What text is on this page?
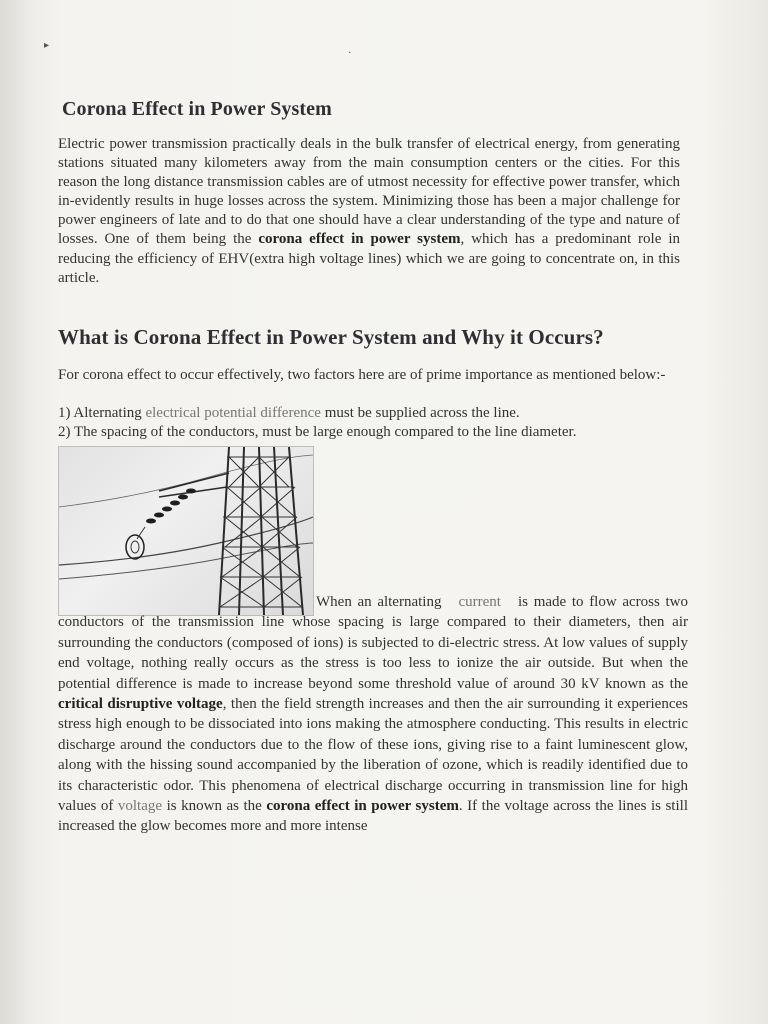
▸
·
Corona Effect in Power System

Electric power transmission practically deals in the bulk transfer of electrical energy, from generating stations situated many kilometers away from the main consumption centers or the cities. For this reason the long distance transmission cables are of utmost necessity for effective power transfer, which in-evidently results in huge losses across the system. Minimizing those has been a major challenge for power engineers of late and to do that one should have a clear understanding of the type and nature of losses. One of them being the corona effect in power system, which has a predominant role in reducing the efficiency of EHV(extra high voltage lines) which we are going to concentrate on, in this article.

What is Corona Effect in Power System and Why it Occurs?

For corona effect to occur effectively, two factors here are of prime importance as mentioned below:-

1) Alternating electrical potential difference must be supplied across the line.

2) The spacing of the conductors, must be large enough compared to the line diameter.

When an alternating current is made to flow across two conductors of the transmission line whose spacing is large compared to their diameters, then air surrounding the conductors (composed of ions) is subjected to di-electric stress. At low values of supply end voltage, nothing really occurs as the stress is too less to ionize the air outside. But when the potential difference is made to increase beyond some threshold value of around 30 kV known as the critical disruptive voltage, then the field strength increases and then the air surrounding it experiences stress high enough to be dissociated into ions making the atmosphere conducting. This results in electric discharge around the conductors due to the flow of these ions, giving rise to a faint luminescent glow, along with the hissing sound accompanied by the liberation of ozone, which is readily identified due to its characteristic odor. This phenomena of electrical discharge occurring in transmission line for high values of voltage is known as the corona effect in power system. If the voltage across the lines is still increased the glow becomes more and more intense
